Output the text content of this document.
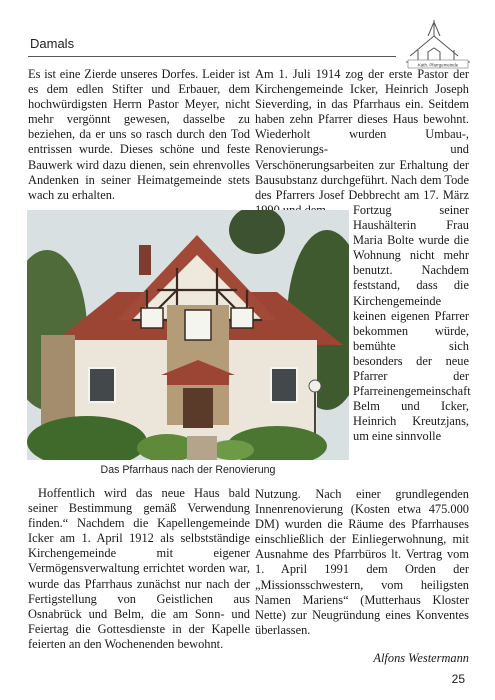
Damals
Kath. Pfarrgemeinde

Es ist eine Zierde unseres Dorfes. Leider ist es dem edlen Stifter und Erbauer, dem hochwürdigsten Herrn Pastor Meyer, nicht mehr vergönnt gewesen, dasselbe zu beziehen, da er uns so rasch durch den Tod entrissen wurde. Dieses schöne und feste Bauwerk wird dazu dienen, sein ehrenvolles Andenken in seiner Heimatgemeinde stets wach zu erhalten.

Am 1. Juli 1914 zog der erste Pastor der Kirchengemeinde Icker, Heinrich Joseph Sieverding, in das Pfarrhaus ein. Seitdem haben zehn Pfarrer dieses Haus bewohnt. Wiederholt wurden Umbau-, Renovierungs- und Verschönerungsarbeiten zur Erhaltung der Bausubstanz durchgeführt. Nach dem Tode des Pfarrers Josef Debbrecht am 17. März

Fortzug seiner Haushälterin Frau Maria Bolte wurde die Wohnung nicht mehr benutzt. Nachdem feststand, dass die Kirchengemeinde keinen eigenen Pfarrer bekommen würde, bemühte sich besonders der neue Pfarrer der Pfarreinengemeinschaft Belm und Icker, Heinrich Kreutzjans, um eine sinnvolle

Das Pfarrhaus nach der Renovierung

Hoffentlich wird das neue Haus bald seiner Bestimmung gemäß Verwendung finden.“ Nachdem die Kapellengemeinde Icker am 1. April 1912 als selbstständige Kirchengemeinde mit eigener Vermögensverwaltung errichtet worden war, wurde das Pfarrhaus zunächst nur nach der Fertigstellung von Geistlichen aus Osnabrück und Belm, die am Sonn- und Feiertag die Gottesdienste in der Kapelle feierten an den Wochenenden bewohnt.

Nutzung. Nach einer grundlegenden Innenrenovierung (Kosten etwa 475.000 DM) wurden die Räume des Pfarrhauses einschließlich der Einliegerwohnung, mit Ausnahme des Pfarrbüros lt. Vertrag vom 1. April 1991 dem Orden der „Missionsschwestern, vom heiligsten Namen Mariens“ (Mutterhaus Kloster Nette) zur Neugründung eines Konventes überlassen.

Alfons Westermann
25
